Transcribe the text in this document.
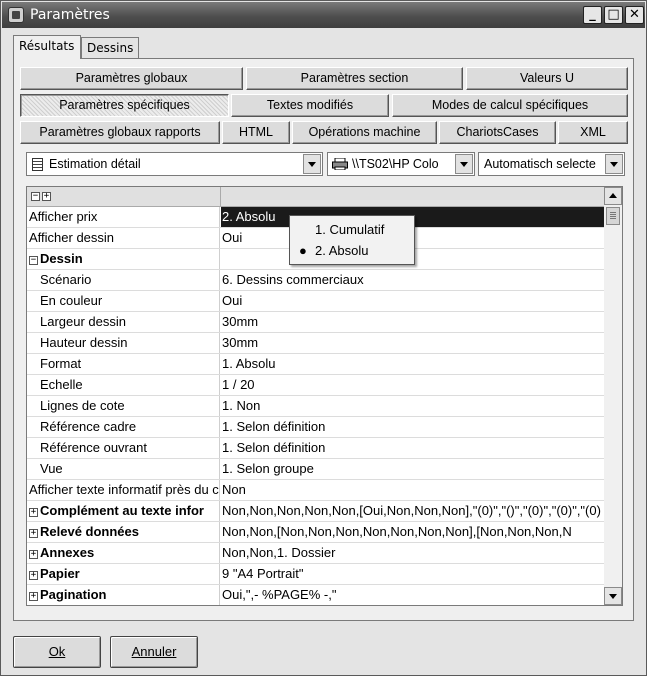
Paramètres	_ □ ✕
Résultats	Dessins
Paramètres globaux	Paramètres section	Valeurs U
Paramètres spécifiques	Textes modifiés	Modes de calcul spécifiques
Paramètres globaux rapports	HTML	Opérations machine	ChariotsCases	XML
Estimation détail	\\TS02\HP Colo	Automatisch selecte
− +
Afficher prix	2. Absolu
Afficher dessin	Oui
− Dessin
Scénario	6. Dessins commerciaux
En couleur	Oui
Largeur dessin	30mm
Hauteur dessin	30mm
Format	1. Absolu
Echelle	1 / 20
Lignes de cote	1. Non
Référence cadre	1. Selon définition
Référence ouvrant	1. Selon définition
Vue	1. Selon groupe
Afficher texte informatif près du c Non
+ Complément au texte infor	Non,Non,Non,Non,Non,[Oui,Non,Non,Non],"(0)","()","(0)","(0)","(0)
+ Relevé données	Non,Non,[Non,Non,Non,Non,Non,Non,Non],[Non,Non,Non,N
+ Annexes	Non,Non,1. Dossier
+ Papier	9 "A4 Portrait"
+ Pagination	Oui,",- %PAGE% -,"
1. Cumulatif
● 2. Absolu
Ok	Annuler
